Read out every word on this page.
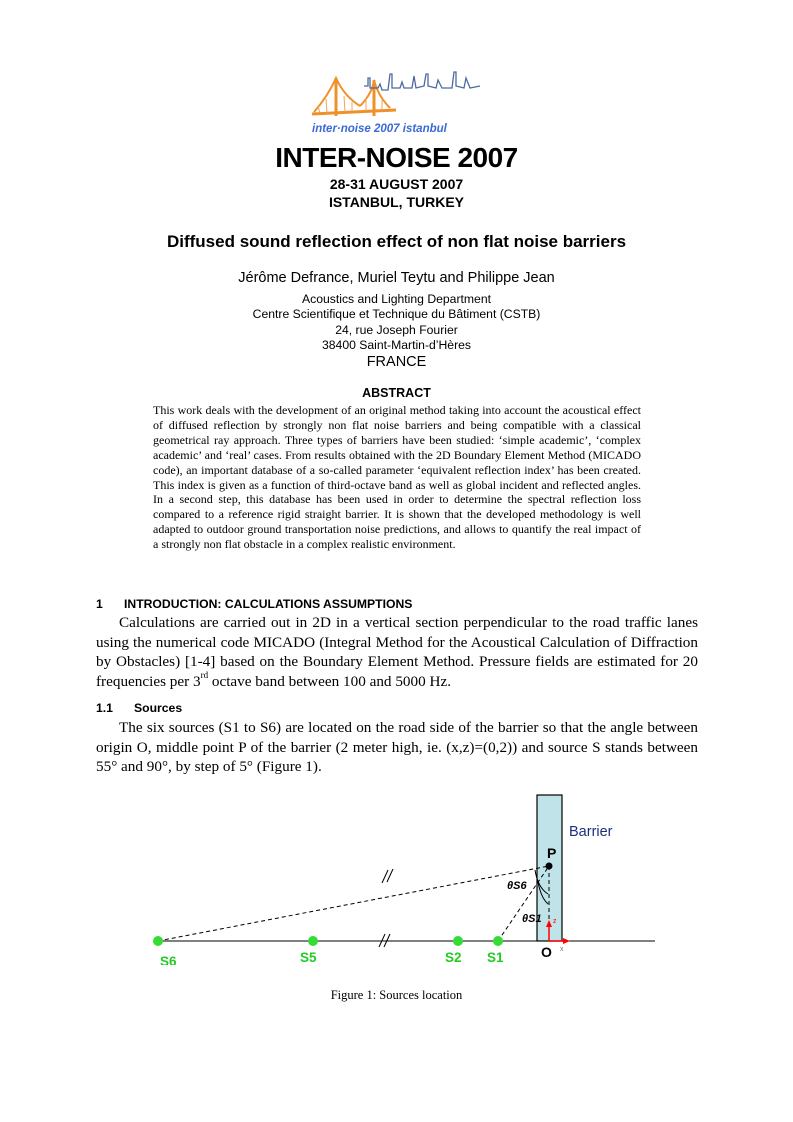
inter·noise 2007 istanbul
INTER-NOISE 2007
28-31 AUGUST 2007
ISTANBUL, TURKEY
Diffused sound reflection effect of non flat noise barriers
Jérôme Defrance, Muriel Teytu and Philippe Jean
Acoustics and Lighting Department
Centre Scientifique et Technique du Bâtiment (CSTB)
24, rue Joseph Fourier
38400 Saint-Martin-d’Hères
FRANCE
ABSTRACT
This work deals with the development of an original method taking into account the acoustical effect of diffused reflection by strongly non flat noise barriers and being compatible with a classical geometrical ray approach. Three types of barriers have been studied: ‘simple academic’, ‘complex academic’ and ‘real’ cases. From results obtained with the 2D Boundary Element Method (MICADO code), an important database of a so-called parameter ‘equivalent reflection index’ has been created. This index is given as a function of third-octave band as well as global incident and reflected angles. In a second step, this database has been used in order to determine the spectral reflection loss compared to a reference rigid straight barrier. It is shown that the developed methodology is well adapted to outdoor ground transportation noise predictions, and allows to quantify the real impact of a strongly non flat obstacle in a complex realistic environment.
1 INTRODUCTION: CALCULATIONS ASSUMPTIONS
Calculations are carried out in 2D in a vertical section perpendicular to the road traffic lanes using the numerical code MICADO (Integral Method for the Acoustical Calculation of Diffraction by Obstacles) [1-4] based on the Boundary Element Method. Pressure fields are estimated for 20 frequencies per 3rd octave band between 100 and 5000 Hz.
1.1 Sources
The six sources (S1 to S6) are located on the road side of the barrier so that the angle between origin O, middle point P of the barrier (2 meter high, ie. (x,z)=(0,2)) and source S stands between 55° and 90°, by step of 5° (Figure 1).
Barrier
P
θS6
θS1 z
x
O
S6	S5	S2 S1
Figure 1: Sources location
